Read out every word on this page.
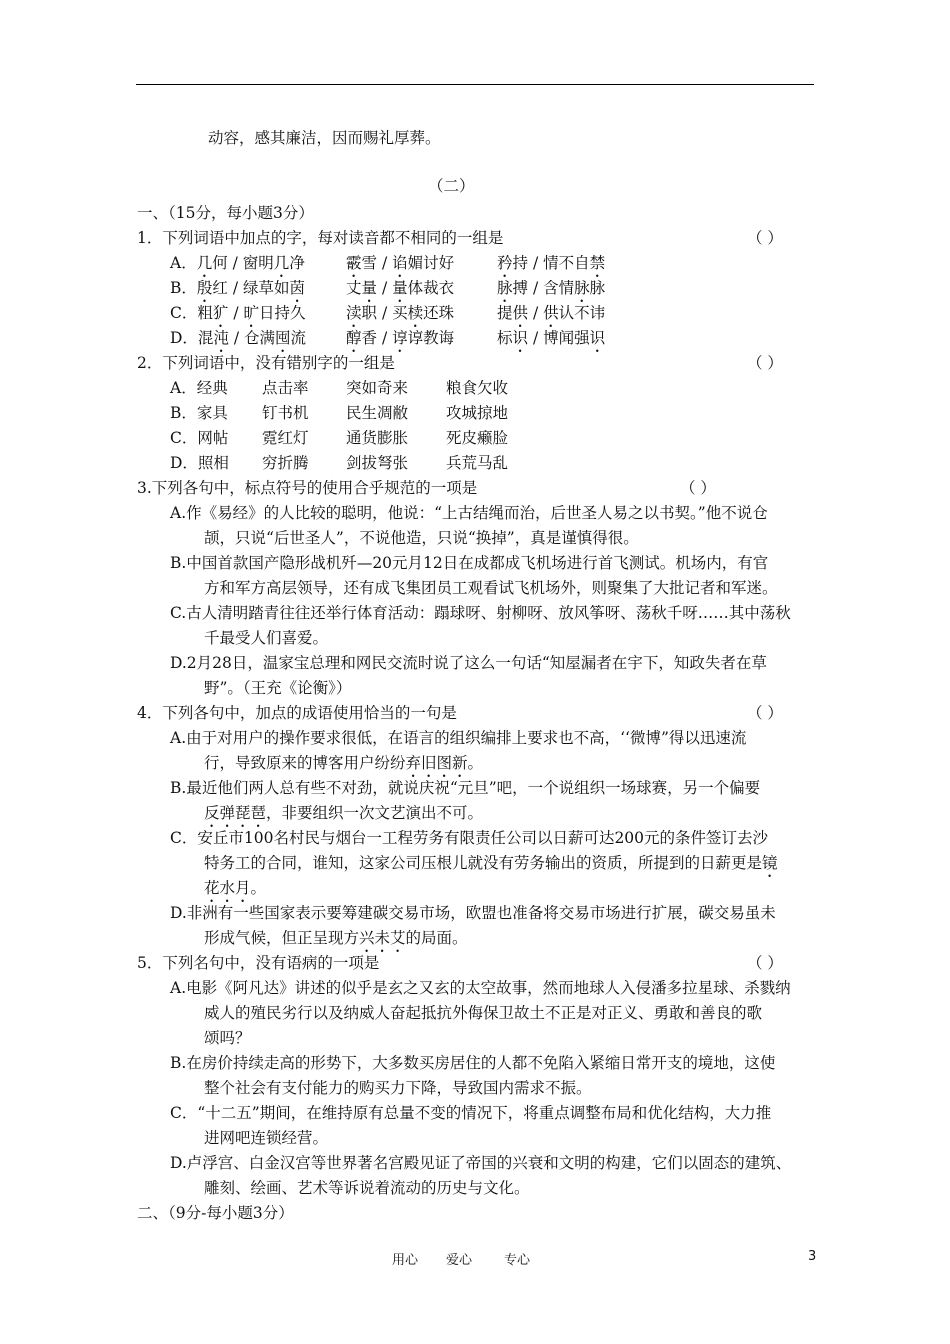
动容，感其廉洁，因而赐礼厚葬。
（二）
一、（15分，每小题3分）
1．下列词语中加点的字，每对读音都不相同的一组是	（ ）
A．几何 / 窗明几净	霰雪 / 谄媚讨好	矜持 / 情不自禁
B．殷红 / 绿草如茵	丈量 / 量体裁衣	脉搏 / 含情脉脉
C．粗犷 / 旷日持久	渎职 / 买椟还珠	提供 / 供认不讳
D．混沌 / 仓满囤流	醇香 / 谆谆教诲	标识 / 博闻强识
2．下列词语中，没有错别字的一组是	（ ）
A．经典 点击率 突如奇来 粮食欠收
B．家具 钉书机 民生凋敝 攻城掠地
C．网帖 霓红灯 通货膨胀 死皮癞脸
D．照相 穷折腾 剑拔弩张 兵荒马乱
3.下列各句中，标点符号的使用合乎规范的一项是	（ ）
A.作《易经》的人比较的聪明，他说：“上古结绳而治，后世圣人易之以书契。”他不说仓
颉，只说“后世圣人”，不说他造，只说“换掉”，真是谨慎得很。
B.中国首款国产隐形战机歼—20元月12日在成都成飞机场进行首飞测试。机场内，有官
方和军方高层领导，还有成飞集团员工观看试飞机场外，则聚集了大批记者和军迷。
C.古人清明踏青往往还举行体育活动：蹋球呀、射柳呀、放风筝呀、荡秋千呀……其中荡秋
千最受人们喜爱。
D.2月28日，温家宝总理和网民交流时说了这么一句话“知屋漏者在宇下，知政失者在草
野”。（王充《论衡》）
4．下列各句中，加点的成语使用恰当的一句是	（ ）
A.由于对用户的操作要求很低，在语言的组织编排上要求也不高，‘‘微博”得以迅速流
行，导致原来的博客用户纷纷弃旧图新。
B.最近他们两人总有些不对劲，就说庆祝“元旦”吧，一个说组织一场球赛，另一个偏要
反弹琵琶，非要组织一次文艺演出不可。
C．安丘市100名村民与烟台一工程劳务有限责任公司以日薪可达200元的条件签订去沙
特务工的合同，谁知，这家公司压根儿就没有劳务输出的资质，所提到的日薪更是镜
花水月。
D.非洲有一些国家表示要筹建碳交易市场，欧盟也准备将交易市场进行扩展，碳交易虽未
形成气候，但正呈现方兴未艾的局面。
5．下列名句中，没有语病的一项是	（ ）
A.电影《阿凡达》讲述的似乎是玄之又玄的太空故事，然而地球人入侵潘多拉星球、杀戮纳
威人的殖民劣行以及纳威人奋起抵抗外侮保卫故土不正是对正义、勇敢和善良的歌
颂吗？
B.在房价持续走高的形势下，大多数买房居住的人都不免陷入紧缩日常开支的境地，这使
整个社会有支付能力的购买力下降，导致国内需求不振。
C．“十二五”期间，在维持原有总量不变的情况下，将重点调整布局和优化结构，大力推
进网吧连锁经营。
D.卢浮宫、白金汉宫等世界著名宫殿见证了帝国的兴衰和文明的构建，它们以固态的建筑、
雕刻、绘画、艺术等诉说着流动的历史与文化。
二、（9分-每小题3分）
用心 爱心 专心	3
